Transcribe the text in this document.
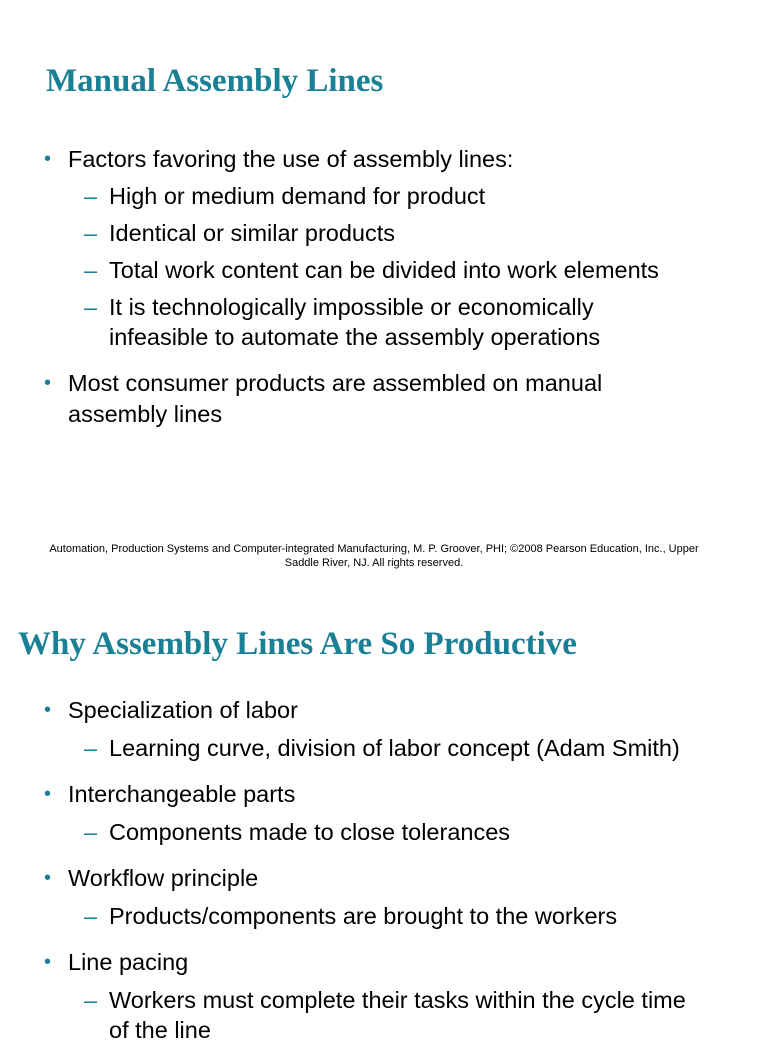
Manual Assembly Lines
• Factors favoring the use of assembly lines:
– High or medium demand for product
– Identical or similar products
– Total work content can be divided into work elements
– It is technologically impossible or economically
infeasible to automate the assembly operations
• Most consumer products are assembled on manual
assembly lines
Automation, Production Systems and Computer-integrated Manufacturing, M. P. Groover, PHI; ©2008 Pearson Education, Inc., Upper
Saddle River, NJ. All rights reserved.
Why Assembly Lines Are So Productive
• Specialization of labor
– Learning curve, division of labor concept (Adam Smith)
• Interchangeable parts
– Components made to close tolerances
• Workflow principle
– Products/components are brought to the workers
• Line pacing
– Workers must complete their tasks within the cycle time
of the line
